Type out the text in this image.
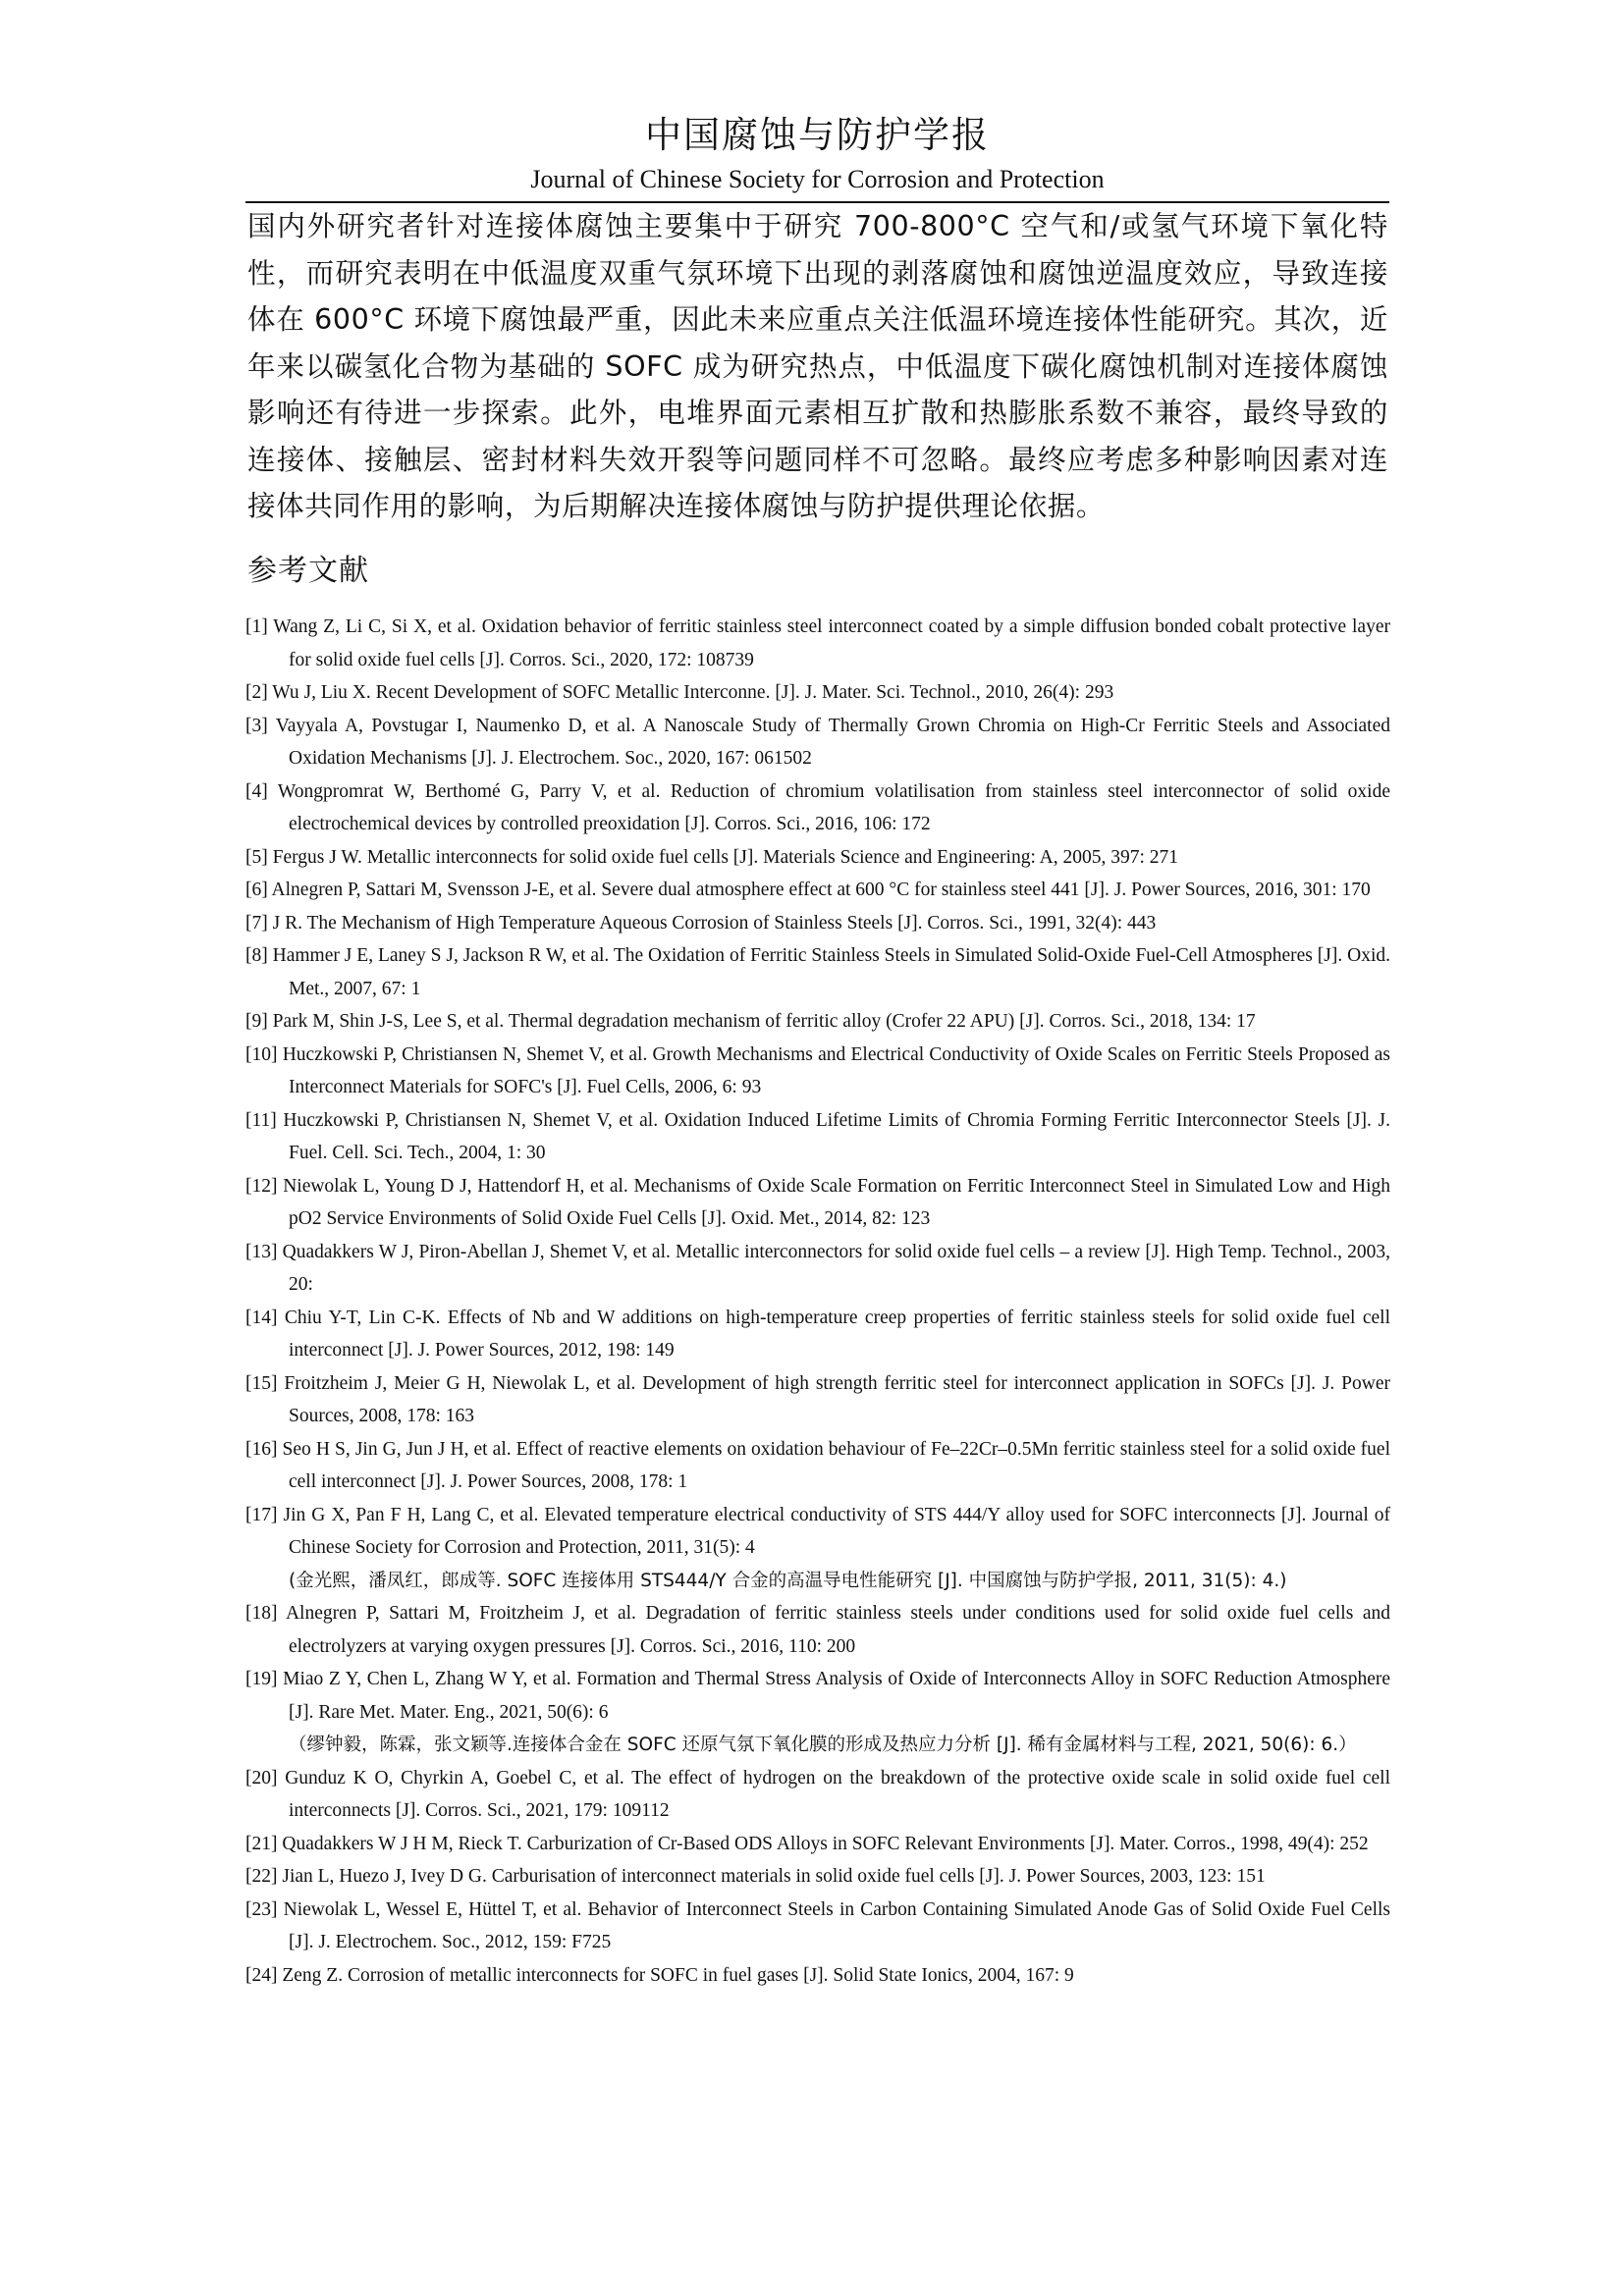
中国腐蚀与防护学报
Journal of Chinese Society for Corrosion and Protection
国内外研究者针对连接体腐蚀主要集中于研究 700-800°C 空气和/或氢气环境下氧化特性，而研究表明在中低温度双重气氛环境下出现的剥落腐蚀和腐蚀逆温度效应，导致连接体在 600°C 环境下腐蚀最严重，因此未来应重点关注低温环境连接体性能研究。其次，近年来以碳氢化合物为基础的 SOFC 成为研究热点，中低温度下碳化腐蚀机制对连接体腐蚀影响还有待进一步探索。此外，电堆界面元素相互扩散和热膨胀系数不兼容，最终导致的连接体、接触层、密封材料失效开裂等问题同样不可忽略。最终应考虑多种影响因素对连接体共同作用的影响，为后期解决连接体腐蚀与防护提供理论依据。
参考文献
[1] Wang Z, Li C, Si X, et al. Oxidation behavior of ferritic stainless steel interconnect coated by a simple diffusion bonded cobalt protective layer for solid oxide fuel cells [J]. Corros. Sci., 2020, 172: 108739
[2] Wu J, Liu X. Recent Development of SOFC Metallic Interconne. [J]. J. Mater. Sci. Technol., 2010, 26(4): 293
[3] Vayyala A, Povstugar I, Naumenko D, et al. A Nanoscale Study of Thermally Grown Chromia on High-Cr Ferritic Steels and Associated Oxidation Mechanisms [J]. J. Electrochem. Soc., 2020, 167: 061502
[4] Wongpromrat W, Berthomé G, Parry V, et al. Reduction of chromium volatilisation from stainless steel interconnector of solid oxide electrochemical devices by controlled preoxidation [J]. Corros. Sci., 2016, 106: 172
[5] Fergus J W. Metallic interconnects for solid oxide fuel cells [J]. Materials Science and Engineering: A, 2005, 397: 271
[6] Alnegren P, Sattari M, Svensson J-E, et al. Severe dual atmosphere effect at 600 °C for stainless steel 441 [J]. J. Power Sources, 2016, 301: 170
[7] J R. The Mechanism of High Temperature Aqueous Corrosion of Stainless Steels [J]. Corros. Sci., 1991, 32(4): 443
[8] Hammer J E, Laney S J, Jackson R W, et al. The Oxidation of Ferritic Stainless Steels in Simulated Solid-Oxide Fuel-Cell Atmospheres [J]. Oxid. Met., 2007, 67: 1
[9] Park M, Shin J-S, Lee S, et al. Thermal degradation mechanism of ferritic alloy (Crofer 22 APU) [J]. Corros. Sci., 2018, 134: 17
[10] Huczkowski P, Christiansen N, Shemet V, et al. Growth Mechanisms and Electrical Conductivity of Oxide Scales on Ferritic Steels Proposed as Interconnect Materials for SOFC's [J]. Fuel Cells, 2006, 6: 93
[11] Huczkowski P, Christiansen N, Shemet V, et al. Oxidation Induced Lifetime Limits of Chromia Forming Ferritic Interconnector Steels [J]. J. Fuel. Cell. Sci. Tech., 2004, 1: 30
[12] Niewolak L, Young D J, Hattendorf H, et al. Mechanisms of Oxide Scale Formation on Ferritic Interconnect Steel in Simulated Low and High pO2 Service Environments of Solid Oxide Fuel Cells [J]. Oxid. Met., 2014, 82: 123
[13] Quadakkers W J, Piron-Abellan J, Shemet V, et al. Metallic interconnectors for solid oxide fuel cells – a review [J]. High Temp. Technol., 2003, 20:
[14] Chiu Y-T, Lin C-K. Effects of Nb and W additions on high-temperature creep properties of ferritic stainless steels for solid oxide fuel cell interconnect [J]. J. Power Sources, 2012, 198: 149
[15] Froitzheim J, Meier G H, Niewolak L, et al. Development of high strength ferritic steel for interconnect application in SOFCs [J]. J. Power Sources, 2008, 178: 163
[16] Seo H S, Jin G, Jun J H, et al. Effect of reactive elements on oxidation behaviour of Fe–22Cr–0.5Mn ferritic stainless steel for a solid oxide fuel cell interconnect [J]. J. Power Sources, 2008, 178: 1
[17] Jin G X, Pan F H, Lang C, et al. Elevated temperature electrical conductivity of STS 444/Y alloy used for SOFC interconnects [J]. Journal of Chinese Society for Corrosion and Protection, 2011, 31(5): 4
(金光熙，潘凤红，郎成等. SOFC 连接体用 STS444/Y 合金的高温导电性能研究 [J]. 中国腐蚀与防护学报, 2011, 31(5): 4.)
[18] Alnegren P, Sattari M, Froitzheim J, et al. Degradation of ferritic stainless steels under conditions used for solid oxide fuel cells and electrolyzers at varying oxygen pressures [J]. Corros. Sci., 2016, 110: 200
[19] Miao Z Y, Chen L, Zhang W Y, et al. Formation and Thermal Stress Analysis of Oxide of Interconnects Alloy in SOFC Reduction Atmosphere [J]. Rare Met. Mater. Eng., 2021, 50(6): 6
（缪钟毅，陈霖，张文颖等.连接体合金在 SOFC 还原气氛下氧化膜的形成及热应力分析 [J]. 稀有金属材料与工程, 2021, 50(6): 6.）
[20] Gunduz K O, Chyrkin A, Goebel C, et al. The effect of hydrogen on the breakdown of the protective oxide scale in solid oxide fuel cell interconnects [J]. Corros. Sci., 2021, 179: 109112
[21] Quadakkers W J H M, Rieck T. Carburization of Cr-Based ODS Alloys in SOFC Relevant Environments [J]. Mater. Corros., 1998, 49(4): 252
[22] Jian L, Huezo J, Ivey D G. Carburisation of interconnect materials in solid oxide fuel cells [J]. J. Power Sources, 2003, 123: 151
[23] Niewolak L, Wessel E, Hüttel T, et al. Behavior of Interconnect Steels in Carbon Containing Simulated Anode Gas of Solid Oxide Fuel Cells [J]. J. Electrochem. Soc., 2012, 159: F725
[24] Zeng Z. Corrosion of metallic interconnects for SOFC in fuel gases [J]. Solid State Ionics, 2004, 167: 9
